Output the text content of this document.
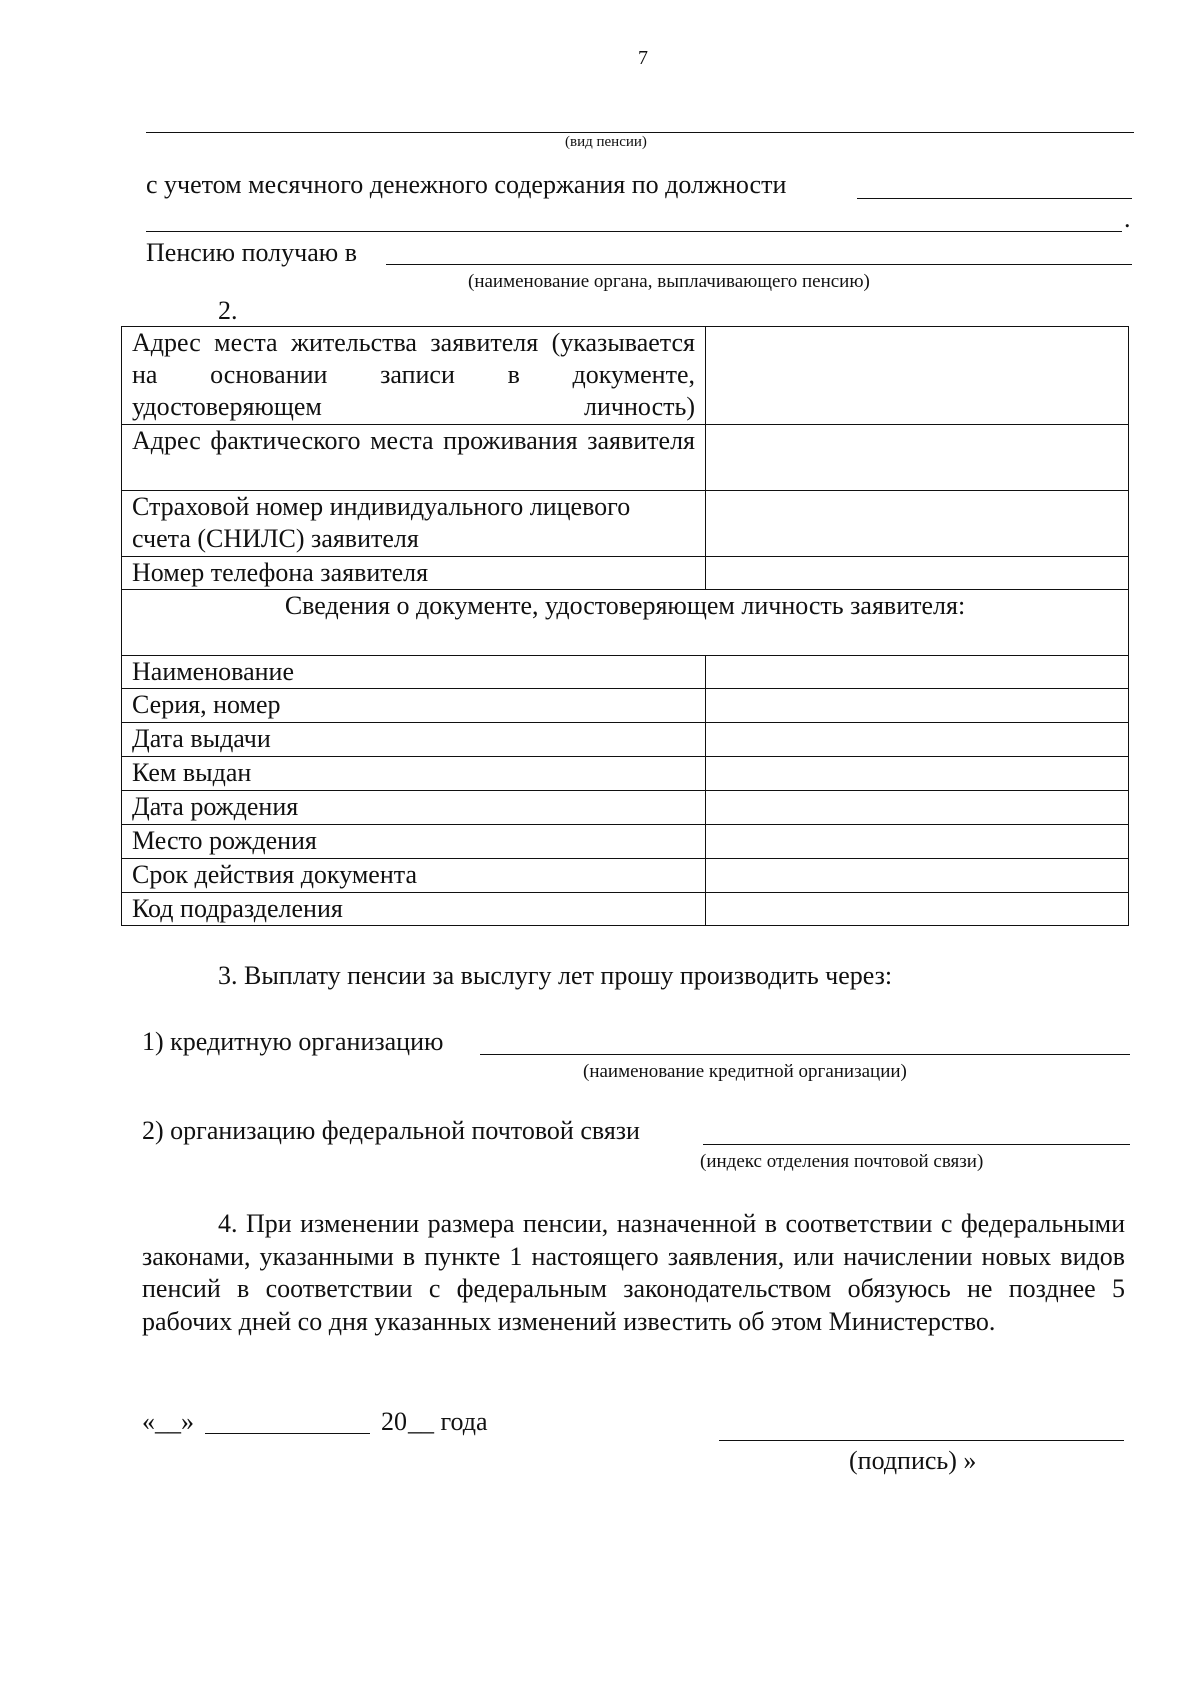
7
(вид пенсии)
с учетом месячного денежного содержания по должности
.
Пенсию получаю в
(наименование органа, выплачивающего пенсию)
2.
Адрес места жительства заявителя (указывается на основании записи в документе, удостоверяющем личность)	
Адрес фактического места проживания заявителя	
Страховой номер индивидуального лицевого счета (СНИЛС) заявителя	
Номер телефона заявителя	
Сведения о документе, удостоверяющем личность заявителя:	
Наименование	
Серия, номер	
Дата выдачи	
Кем выдан	
Дата рождения	
Место рождения	
Срок действия документа	
Код подразделения	
3. Выплату пенсии за выслугу лет прошу производить через:
1) кредитную организацию
(наименование кредитной организации)
2) организацию федеральной почтовой связи
(индекс отделения почтовой связи)
4. При изменении размера пенсии, назначенной в соответствии с федеральными законами, указанными в пункте 1 настоящего заявления, или начислении новых видов пенсий в соответствии с федеральным законодательством обязуюсь не позднее 5 рабочих дней со дня указанных изменений известить об этом Министерство.
«__»	20 __ года
(подпись) »
